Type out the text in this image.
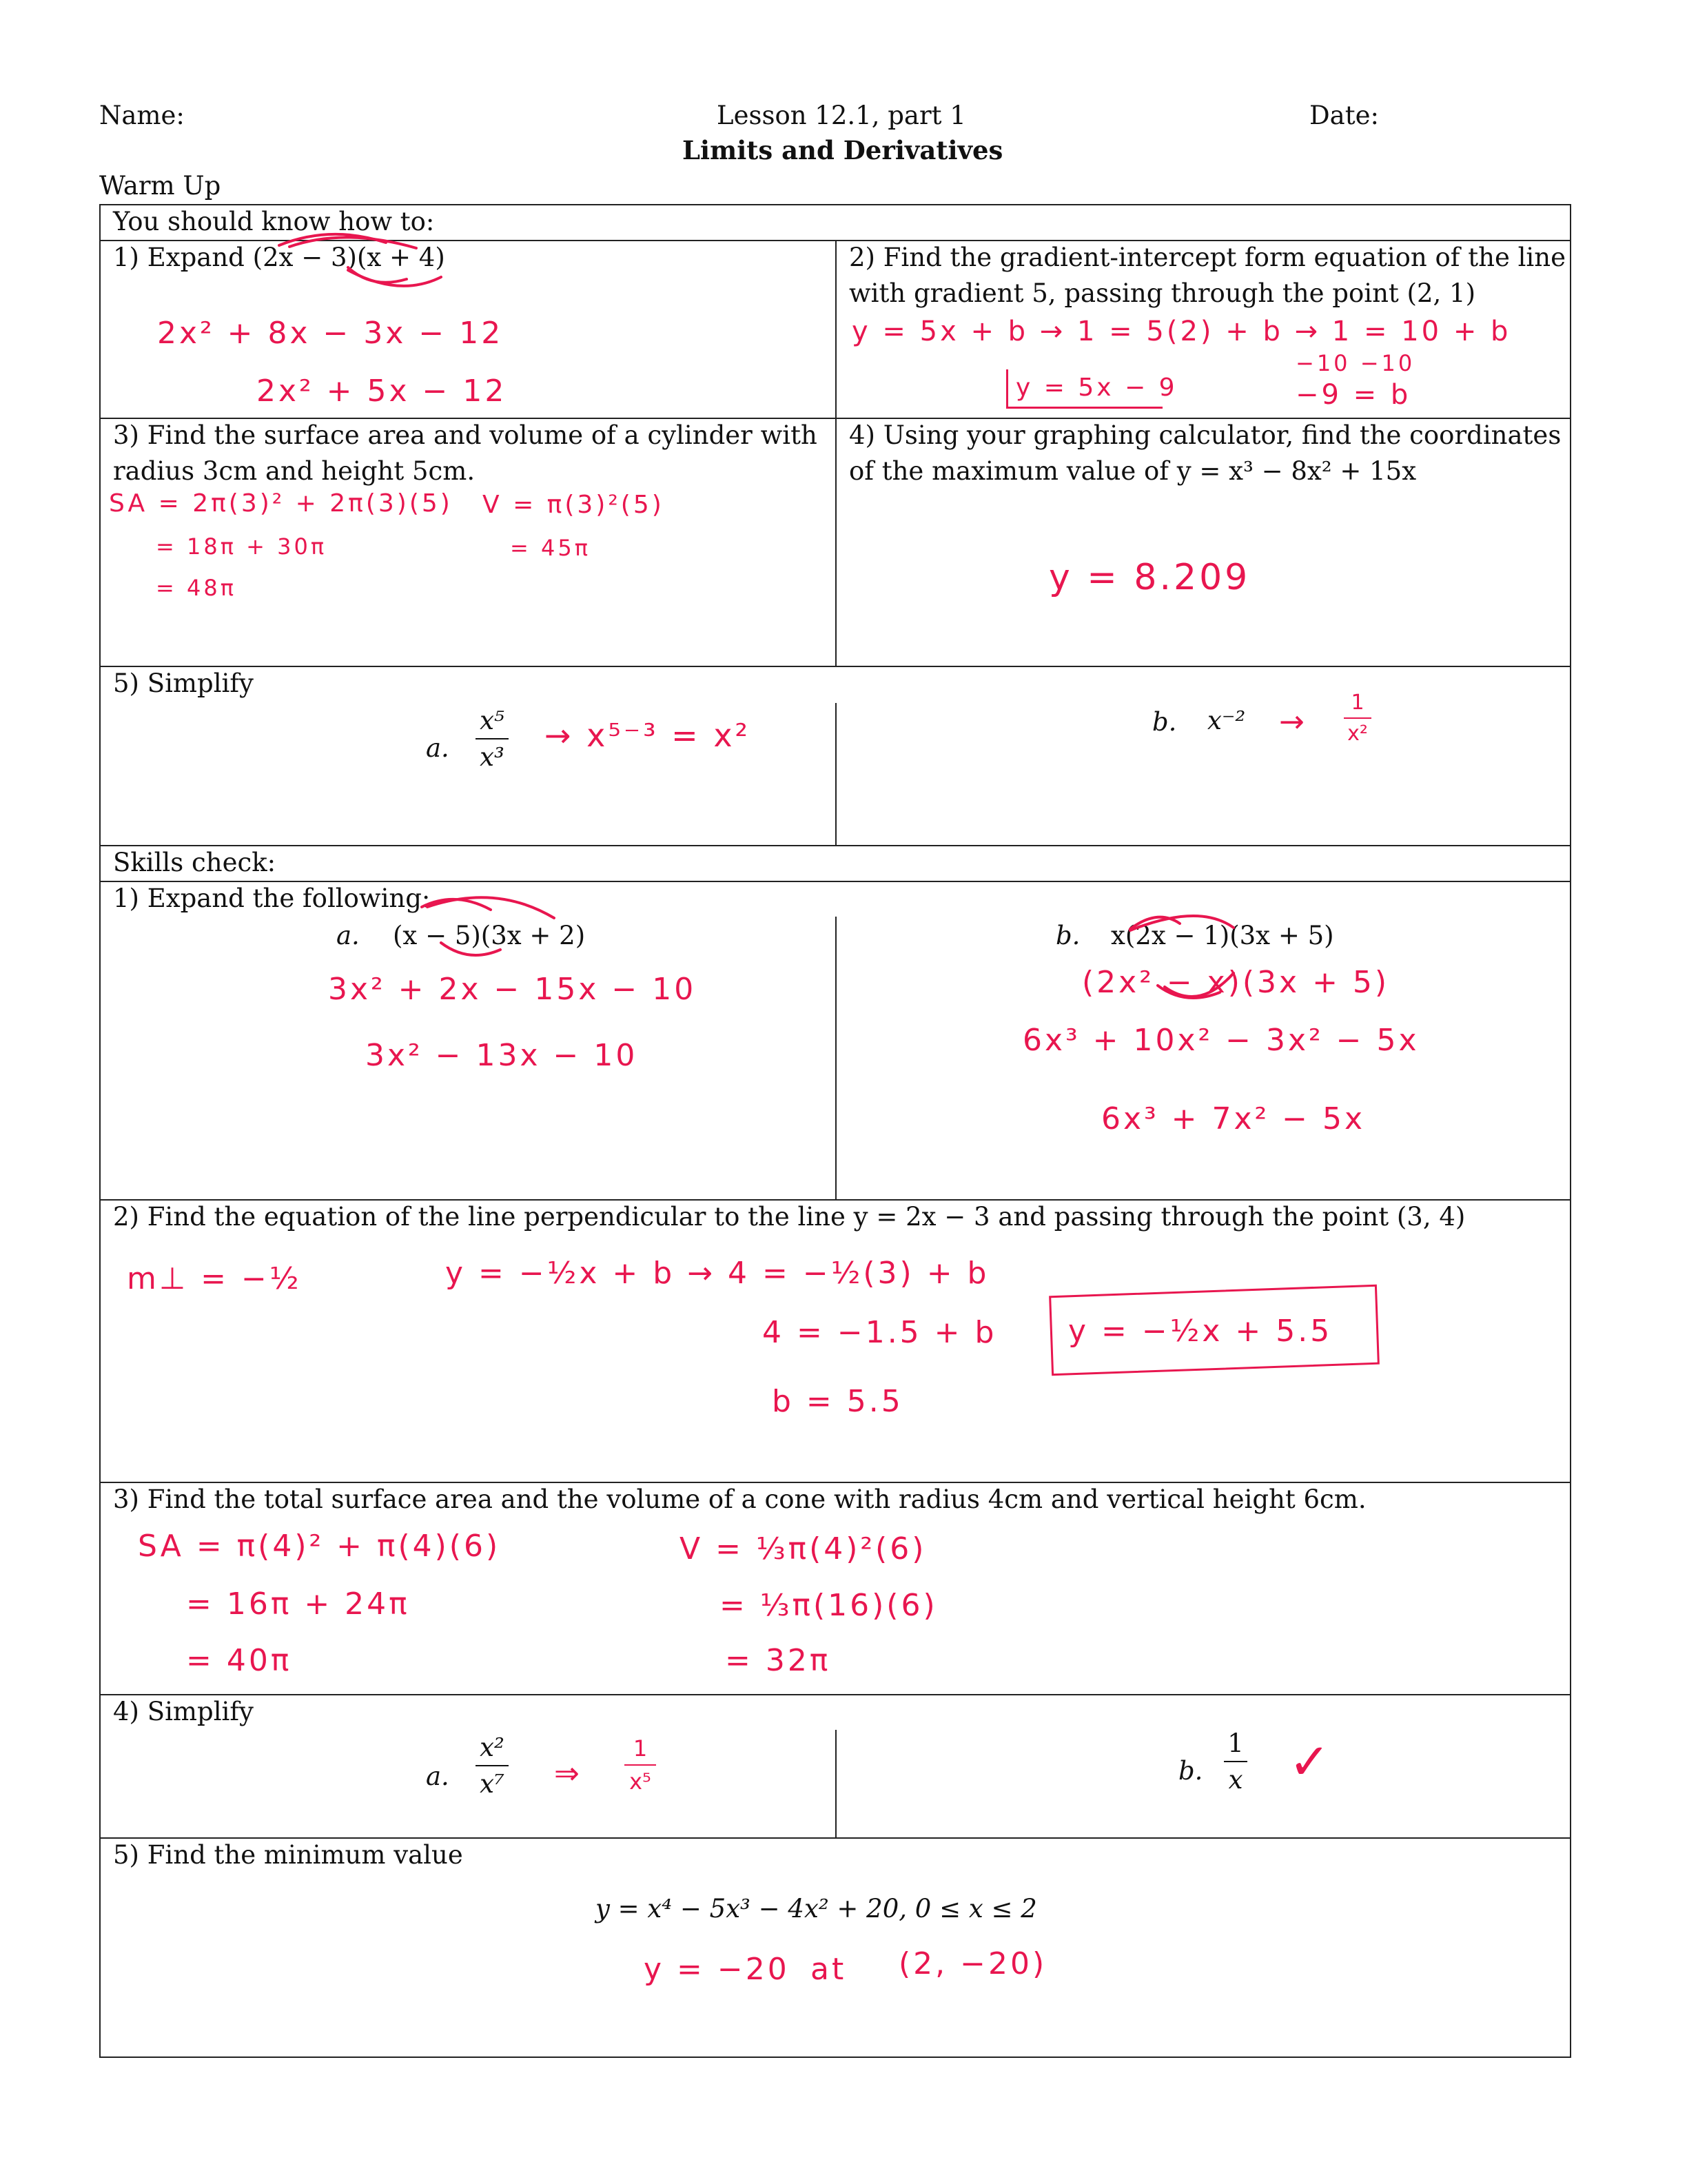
Name:	Lesson 12.1, part 1
Limits and Derivatives
Date:
Warm Up
You should know how to:
1) Expand (2x − 3)(x + 4)
2x² + 8x − 3x − 12
2x² + 5x − 12
2) Find the gradient-intercept form equation of the line
with gradient 5, passing through the point (2, 1)
y = 5x + b → 1 = 5(2) + b → 1 = 10 + b
−10 −10
−9 = b
y = 5x − 9
3) Find the surface area and volume of a cylinder with
radius 3cm and height 5cm.
SA = 2π(3)² + 2π(3)(5)
= 18π + 30π
= 48π
V = π(3)²(5)
= 45π
4) Using your graphing calculator, find the coordinates
of the maximum value of y = x³ − 8x² + 15x
y = 8.209
5) Simplify
a.
x⁵
x³
→ x⁵⁻³ = x²	b. x⁻² →
1
x²
Skills check:
1) Expand the following:
a. (x − 5)(3x + 2)
3x² + 2x − 15x − 10
3x² − 13x − 10
b. x(2x − 1)(3x + 5)
(2x² − x)(3x + 5)
6x³ + 10x² − 3x² − 5x
6x³ + 7x² − 5x
2) Find the equation of the line perpendicular to the line y = 2x − 3 and passing through the point (3, 4)
m⊥ = −½	y = −½x + b → 4 = −½(3) + b
4 = −1.5 + b
b = 5.5
y = −½x + 5.5
3) Find the total surface area and the volume of a cone with radius 4cm and vertical height 6cm.
SA = π(4)² + π(4)(6)
= 16π + 24π
= 40π
V = ⅓π(4)²(6)
= ⅓π(16)(6)
= 32π
4) Simplify
a.
x²
x⁷ ⇒
1
x⁵	b.
1
x ✓
5) Find the minimum value
y = x⁴ − 5x³ − 4x² + 20, 0 ≤ x ≤ 2
y = −20 at (2, −20)
